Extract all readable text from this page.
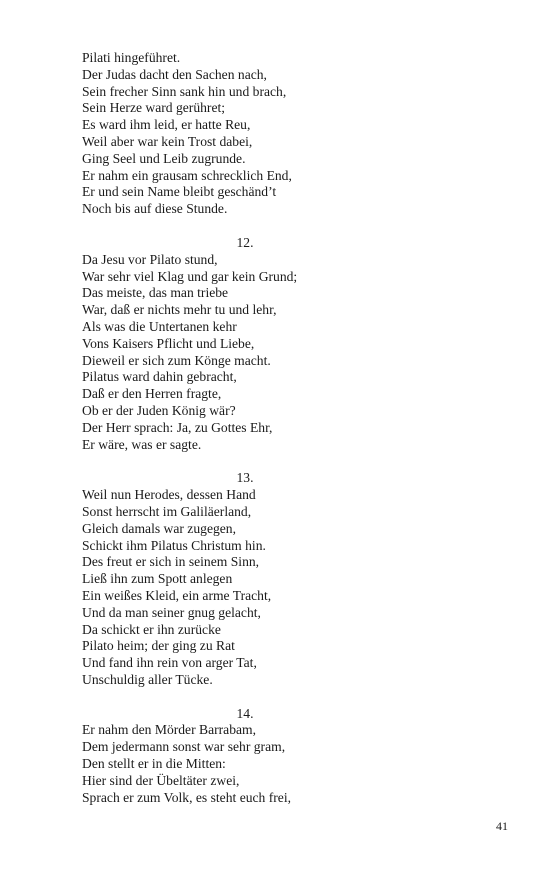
Pilati hingeführet.
Der Judas dacht den Sachen nach,
Sein frecher Sinn sank hin und brach,
Sein Herze ward gerühret;
Es ward ihm leid, er hatte Reu,
Weil aber war kein Trost dabei,
Ging Seel und Leib zugrunde.
Er nahm ein grausam schrecklich End,
Er und sein Name bleibt geschänd’t
Noch bis auf diese Stunde.
12.
Da Jesu vor Pilato stund,
War sehr viel Klag und gar kein Grund;
Das meiste, das man triebe
War, daß er nichts mehr tu und lehr,
Als was die Untertanen kehr
Vons Kaisers Pflicht und Liebe,
Dieweil er sich zum Könge macht.
Pilatus ward dahin gebracht,
Daß er den Herren fragte,
Ob er der Juden König wär?
Der Herr sprach: Ja, zu Gottes Ehr,
Er wäre, was er sagte.
13.
Weil nun Herodes, dessen Hand
Sonst herrscht im Galiläerland,
Gleich damals war zugegen,
Schickt ihm Pilatus Christum hin.
Des freut er sich in seinem Sinn,
Ließ ihn zum Spott anlegen
Ein weißes Kleid, ein arme Tracht,
Und da man seiner gnug gelacht,
Da schickt er ihn zurücke
Pilato heim; der ging zu Rat
Und fand ihn rein von arger Tat,
Unschuldig aller Tücke.
14.
Er nahm den Mörder Barrabam,
Dem jedermann sonst war sehr gram,
Den stellt er in die Mitten:
Hier sind der Übeltäter zwei,
Sprach er zum Volk, es steht euch frei,
41
